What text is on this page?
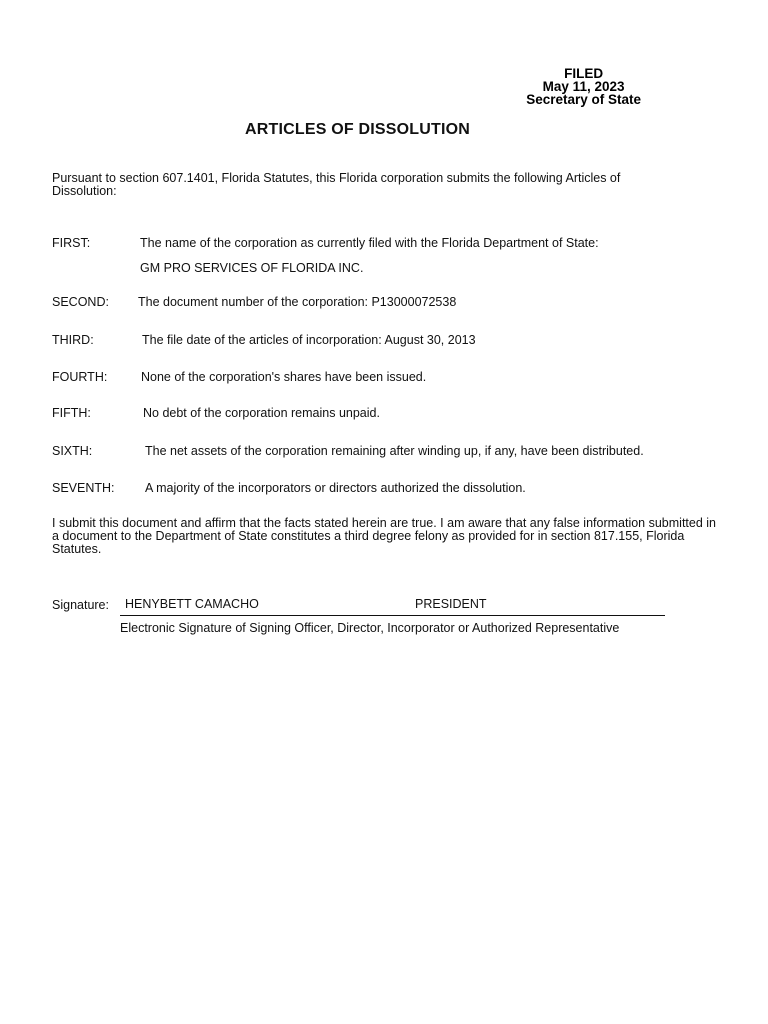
FILED
May 11, 2023
Secretary of State
ARTICLES OF DISSOLUTION
Pursuant to section 607.1401, Florida Statutes, this Florida corporation submits the following Articles of Dissolution:
FIRST:	The name of the corporation as currently filed with the Florida Department of State:
GM PRO SERVICES OF FLORIDA INC.
SECOND: The document number of the corporation: P13000072538
THIRD:	The file date of the articles of incorporation: August 30, 2013
FOURTH:	None of the corporation's shares have been issued.
FIFTH:	No debt of the corporation remains unpaid.
SIXTH:	The net assets of the corporation remaining after winding up, if any, have been distributed.
SEVENTH: A majority of the incorporators or directors authorized the dissolution.
I submit this document and affirm that the facts stated herein are true. I am aware that any false information submitted in a document to the Department of State constitutes a third degree felony as provided for in section 817.155, Florida Statutes.
Signature: HENYBETT CAMACHO	PRESIDENT
Electronic Signature of Signing Officer, Director, Incorporator or Authorized Representative
